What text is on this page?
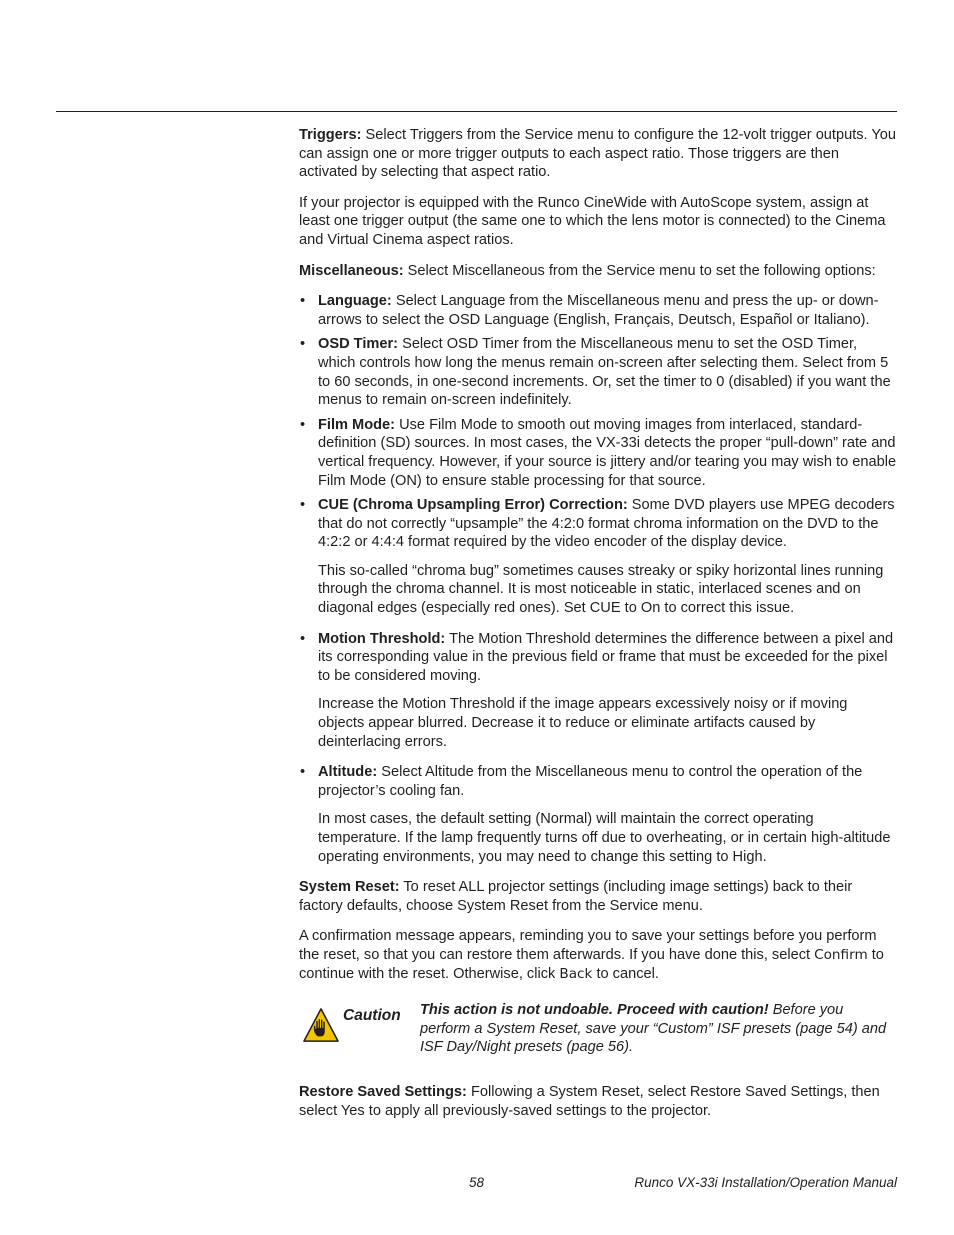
Triggers: Select Triggers from the Service menu to configure the 12-volt trigger outputs. You can assign one or more trigger outputs to each aspect ratio. Those triggers are then activated by selecting that aspect ratio.

If your projector is equipped with the Runco CineWide with AutoScope system, assign at least one trigger output (the same one to which the lens motor is connected) to the Cinema and Virtual Cinema aspect ratios.

Miscellaneous: Select Miscellaneous from the Service menu to set the following options:

• Language: Select Language from the Miscellaneous menu and press the up- or down-arrows to select the OSD Language (English, Français, Deutsch, Español or Italiano).
• OSD Timer: Select OSD Timer from the Miscellaneous menu to set the OSD Timer, which controls how long the menus remain on-screen after selecting them. Select from 5 to 60 seconds, in one-second increments. Or, set the timer to 0 (disabled) if you want the menus to remain on-screen indefinitely.
• Film Mode: Use Film Mode to smooth out moving images from interlaced, standard-definition (SD) sources. In most cases, the VX-33i detects the proper “pull-down” rate and vertical frequency. However, if your source is jittery and/or tearing you may wish to enable Film Mode (ON) to ensure stable processing for that source.
• CUE (Chroma Upsampling Error) Correction: Some DVD players use MPEG decoders that do not correctly “upsample” the 4:2:0 format chroma information on the DVD to the 4:2:2 or 4:4:4 format required by the video encoder of the display device.

This so-called “chroma bug” sometimes causes streaky or spiky horizontal lines running through the chroma channel. It is most noticeable in static, interlaced scenes and on diagonal edges (especially red ones). Set CUE to On to correct this issue.

• Motion Threshold: The Motion Threshold determines the difference between a pixel and its corresponding value in the previous field or frame that must be exceeded for the pixel to be considered moving.

Increase the Motion Threshold if the image appears excessively noisy or if moving objects appear blurred. Decrease it to reduce or eliminate artifacts caused by deinterlacing errors.

• Altitude: Select Altitude from the Miscellaneous menu to control the operation of the projector’s cooling fan.

In most cases, the default setting (Normal) will maintain the correct operating temperature. If the lamp frequently turns off due to overheating, or in certain high-altitude operating environments, you may need to change this setting to High.

System Reset: To reset ALL projector settings (including image settings) back to their factory defaults, choose System Reset from the Service menu.

A confirmation message appears, reminding you to save your settings before you perform the reset, so that you can restore them afterwards. If you have done this, select Confirm to continue with the reset. Otherwise, click Back to cancel.

Caution This action is not undoable. Proceed with caution! Before you perform a System Reset, save your “Custom” ISF presets (page 54) and ISF Day/Night presets (page 56).

Restore Saved Settings: Following a System Reset, select Restore Saved Settings, then select Yes to apply all previously-saved settings to the projector.

58	Runco VX-33i Installation/Operation Manual
